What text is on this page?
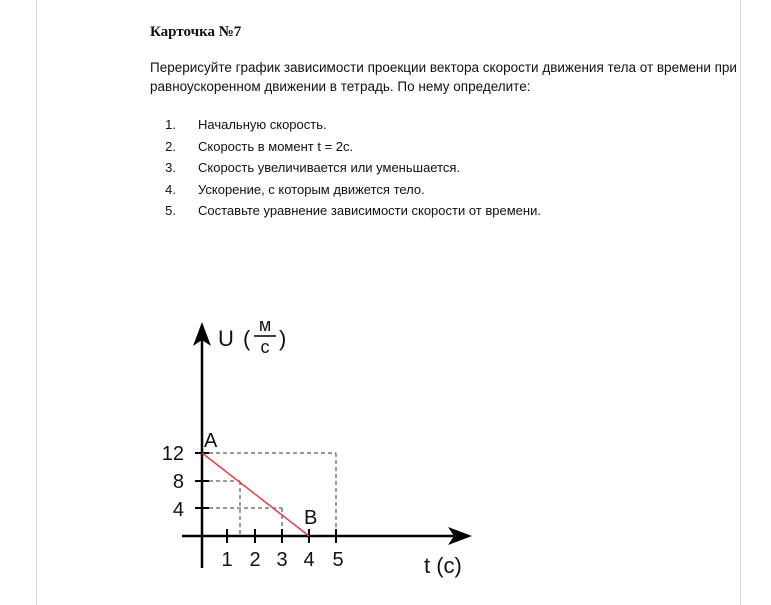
Карточка №7
Перерисуйте график зависимости проекции вектора скорости движения тела от времени при
равноускоренном движении в тетрадь. По нему определите:
1.	Начальную скорость.
2.	Скорость в момент t = 2с.
3.	Скорость увеличивается или уменьшается.
4.	Ускорение, с которым движется тело.
5.	Составьте уравнение зависимости скорости от времени.
12
8
4
1 2 3 4 5
A
B
U (
м
с )
t (c)
